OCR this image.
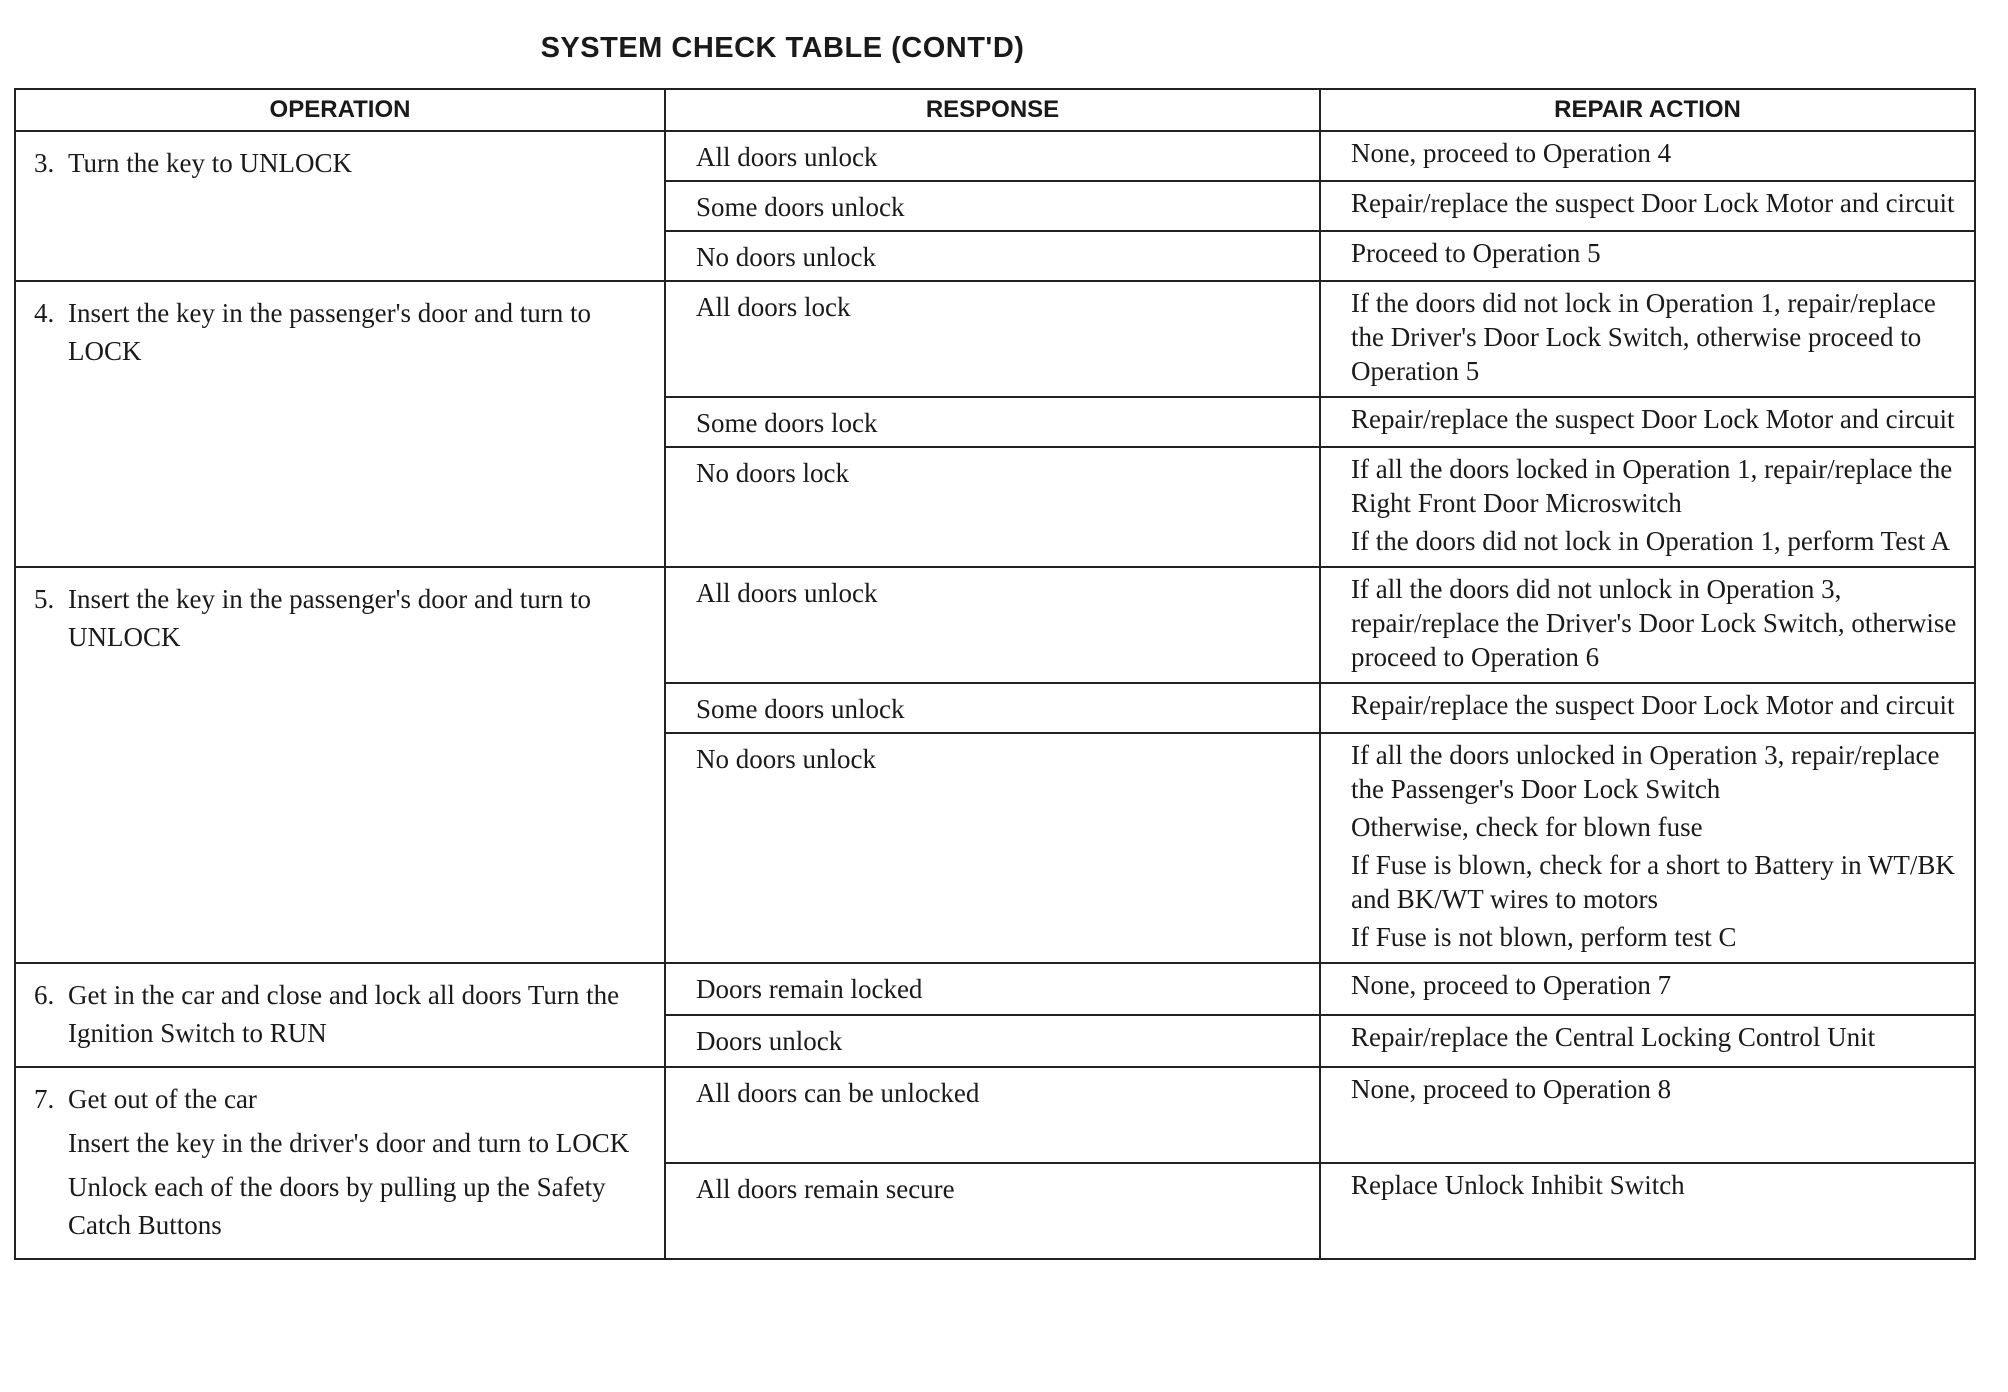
SYSTEM CHECK TABLE (CONT'D)
OPERATION	RESPONSE	REPAIR ACTION

3. Turn the key to UNLOCK	All doors unlock	None, proceed to Operation 4

	Some doors unlock	Repair/replace the suspect Door Lock Motor and circuit

	No doors unlock	Proceed to Operation 5

4. Insert the key in the passenger's door and turn to LOCK	All doors lock	If the doors did not lock in Operation 1, repair/replace the Driver's Door Lock Switch, otherwise proceed to Operation 5

	Some doors lock	Repair/replace the suspect Door Lock Motor and circuit

	No doors lock	If all the doors locked in Operation 1, repair/replace the Right Front Door Microswitch
If the doors did not lock in Operation 1, perform Test A

5. Insert the key in the passenger's door and turn to UNLOCK	All doors unlock	If all the doors did not unlock in Operation 3, repair/replace the Driver's Door Lock Switch, otherwise proceed to Operation 6

	Some doors unlock	Repair/replace the suspect Door Lock Motor and circuit

	No doors unlock	If all the doors unlocked in Operation 3, repair/replace the Passenger's Door Lock Switch
Otherwise, check for blown fuse
If Fuse is blown, check for a short to Battery in WT/BK and BK/WT wires to motors
If Fuse is not blown, perform test C

6. Get in the car and close and lock all doors Turn the Ignition Switch to RUN	Doors remain locked	None, proceed to Operation 7

	Doors unlock	Repair/replace the Central Locking Control Unit

7. Get out of the car
Insert the key in the driver's door and turn to LOCK
Unlock each of the doors by pulling up the Safety Catch Buttons	All doors can be unlocked	None, proceed to Operation 8

	All doors remain secure	Replace Unlock Inhibit Switch
